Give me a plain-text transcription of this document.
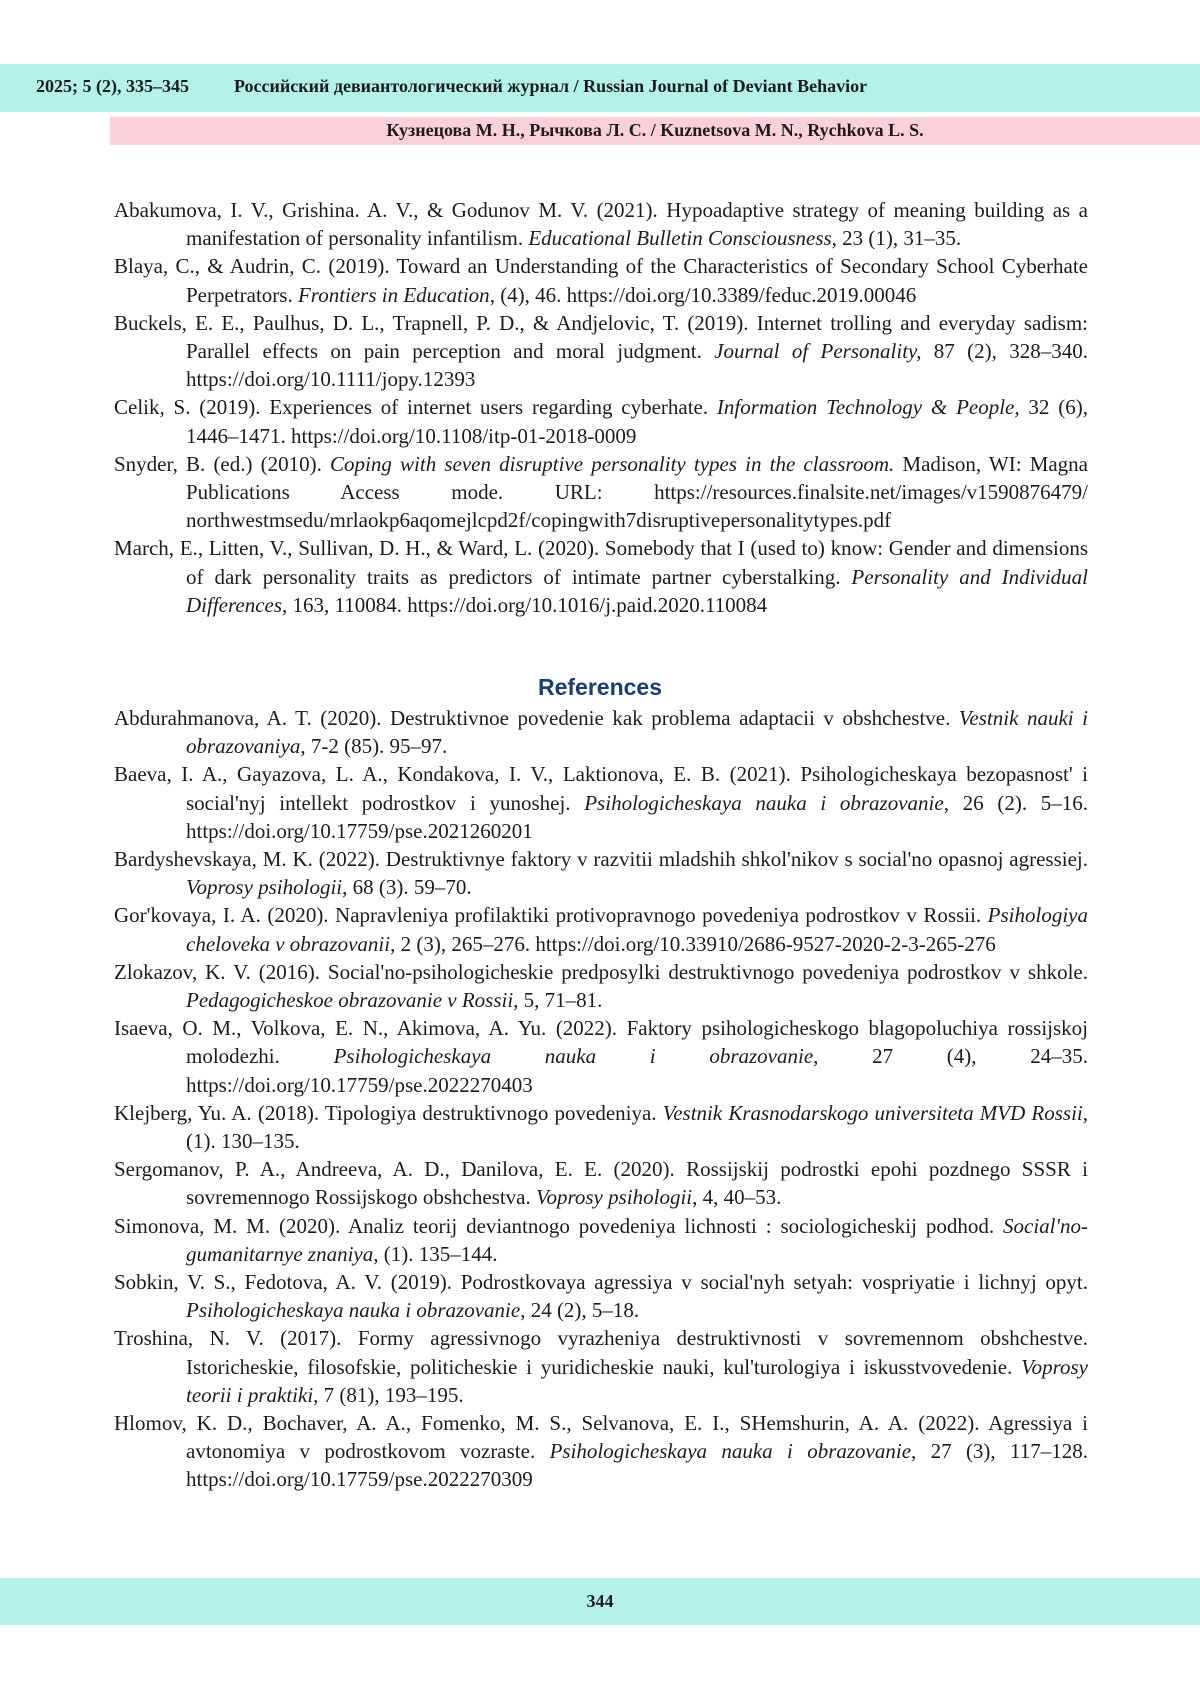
2025; 5 (2), 335–345	Российский девиантологический журнал / Russian Journal of Deviant Behavior
Кузнецова М. Н., Рычкова Л. С. / Kuznetsova M. N., Rychkova L. S.
Abakumova, I. V., Grishina. A. V., & Godunov M. V. (2021). Hypoadaptive strategy of meaning building as a manifestation of personality infantilism. Educational Bulletin Consciousness, 23 (1), 31–35.
Blaya, C., & Audrin, C. (2019). Toward an Understanding of the Characteristics of Secondary School Cyberhate Perpetrators. Frontiers in Education, (4), 46. https://doi.org/10.3389/feduc.2019.00046
Buckels, E. E., Paulhus, D. L., Trapnell, P. D., & Andjelovic, T. (2019). Internet trolling and everyday sadism: Parallel effects on pain perception and moral judgment. Journal of Personality, 87 (2), 328–340. https://doi.org/10.1111/jopy.12393
Celik, S. (2019). Experiences of internet users regarding cyberhate. Information Technology & People, 32 (6), 1446–1471. https://doi.org/10.1108/itp-01-2018-0009
Snyder, B. (ed.) (2010). Coping with seven disruptive personality types in the classroom. Madison, WI: Magna Publications Access mode. URL: https://resources.finalsite.net/images/v1590876479/ northwestmsedu/mrlaokp6aqomejlcpd2f/copingwith7disruptivepersonalitytypes.pdf
March, E., Litten, V., Sullivan, D. H., & Ward, L. (2020). Somebody that I (used to) know: Gender and dimensions of dark personality traits as predictors of intimate partner cyberstalking. Personality and Individual Differences, 163, 110084. https://doi.org/10.1016/j.paid.2020.110084
References
Abdurahmanova, A. T. (2020). Destruktivnoe povedenie kak problema adaptacii v obshchestve. Vestnik nauki i obrazovaniya, 7-2 (85). 95–97.
Baeva, I. A., Gayazova, L. A., Kondakova, I. V., Laktionova, E. B. (2021). Psihologicheskaya bezopasnost' i social'nyj intellekt podrostkov i yunoshej. Psihologicheskaya nauka i obrazovanie, 26 (2). 5–16. https://doi.org/10.17759/pse.2021260201
Bardyshevskaya, M. K. (2022). Destruktivnye faktory v razvitii mladshih shkol'nikov s social'no opasnoj agressiej. Voprosy psihologii, 68 (3). 59–70.
Gor'kovaya, I. A. (2020). Napravleniya profilaktiki protivopravnogo povedeniya podrostkov v Rossii. Psihologiya cheloveka v obrazovanii, 2 (3), 265–276. https://doi.org/10.33910/2686-9527-2020-2-3-265-276
Zlokazov, K. V. (2016). Social'no-psihologicheskie predposylki destruktivnogo povedeniya podrostkov v shkole. Pedagogicheskoe obrazovanie v Rossii, 5, 71–81.
Isaeva, O. M., Volkova, E. N., Akimova, A. Yu. (2022). Faktory psihologicheskogo blagopoluchiya rossijskoj molodezhi. Psihologicheskaya nauka i obrazovanie, 27 (4), 24–35. https://doi.org/10.17759/pse.2022270403
Klejberg, Yu. A. (2018). Tipologiya destruktivnogo povedeniya. Vestnik Krasnodarskogo universiteta MVD Rossii, (1). 130–135.
Sergomanov, P. A., Andreeva, A. D., Danilova, E. E. (2020). Rossijskij podrostki epohi pozdnego SSSR i sovremennogo Rossijskogo obshchestva. Voprosy psihologii, 4, 40–53.
Simonova, M. M. (2020). Analiz teorij deviantnogo povedeniya lichnosti : sociologicheskij podhod. Social'no-gumanitarnye znaniya, (1). 135–144.
Sobkin, V. S., Fedotova, A. V. (2019). Podrostkovaya agressiya v social'nyh setyah: vospriyatie i lichnyj opyt. Psihologicheskaya nauka i obrazovanie, 24 (2), 5–18.
Troshina, N. V. (2017). Formy agressivnogo vyrazheniya destruktivnosti v sovremennom obshchestve. Istoricheskie, filosofskie, politicheskie i yuridicheskie nauki, kul'turologiya i iskusstvovedenie. Voprosy teorii i praktiki, 7 (81), 193–195.
Hlomov, K. D., Bochaver, A. A., Fomenko, M. S., Selvanova, E. I., SHemshurin, A. A. (2022). Agressiya i avtonomiya v podrostkovom vozraste. Psihologicheskaya nauka i obrazovanie, 27 (3), 117–128. https://doi.org/10.17759/pse.2022270309
344
